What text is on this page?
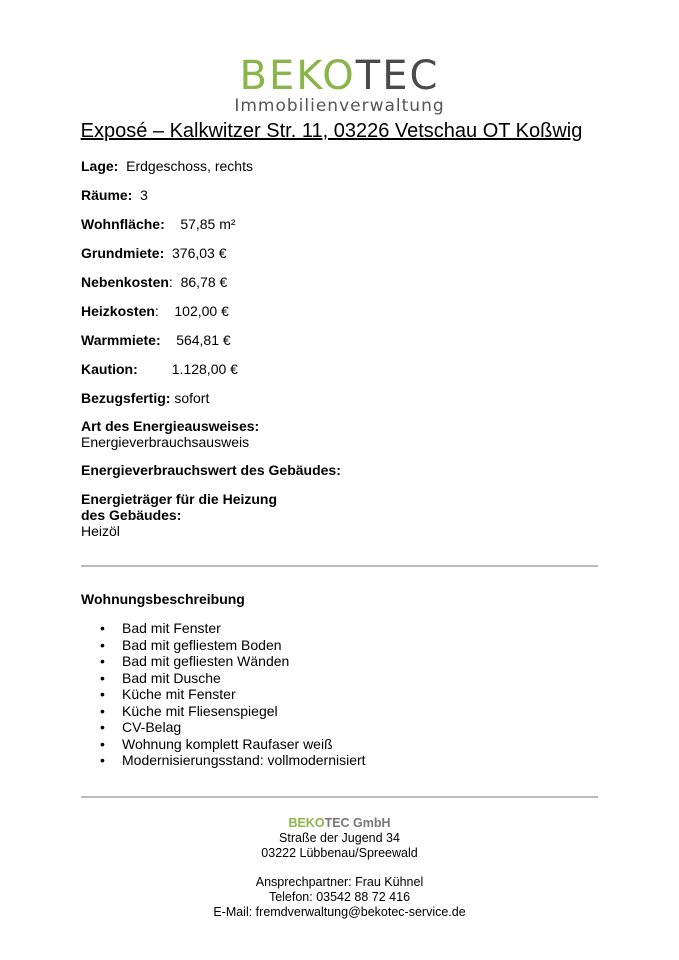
BEKOTEC
Immobilienverwaltung
Exposé – Kalkwitzer Str. 11, 03226 Vetschau OT Koßwig
Lage: Erdgeschoss, rechts
Räume: 3
Wohnfläche: 57,85 m²
Grundmiete: 376,03 €
Nebenkosten:  86,78 €
Heizkosten:    102,00 €
Warmmiete: 564,81 €
Kaution: 1.128,00 €
Bezugsfertig: sofort
Art des Energieausweises:
Energieverbrauchsausweis
Energieverbrauchswert des Gebäudes:
Energieträger für die Heizung
des Gebäudes:
Heizöl
Wohnungsbeschreibung
• Bad mit Fenster
• Bad mit gefliestem Boden
• Bad mit gefliesten Wänden
• Bad mit Dusche
• Küche mit Fenster
• Küche mit Fliesenspiegel
• CV-Belag
• Wohnung komplett Raufaser weiß
• Modernisierungsstand: vollmodernisiert
BEKOTEC GmbH
Straße der Jugend 34
03222 Lübbenau/Spreewald
Ansprechpartner: Frau Kühnel
Telefon: 03542 88 72 416
E-Mail: fremdverwaltung@bekotec-service.de
